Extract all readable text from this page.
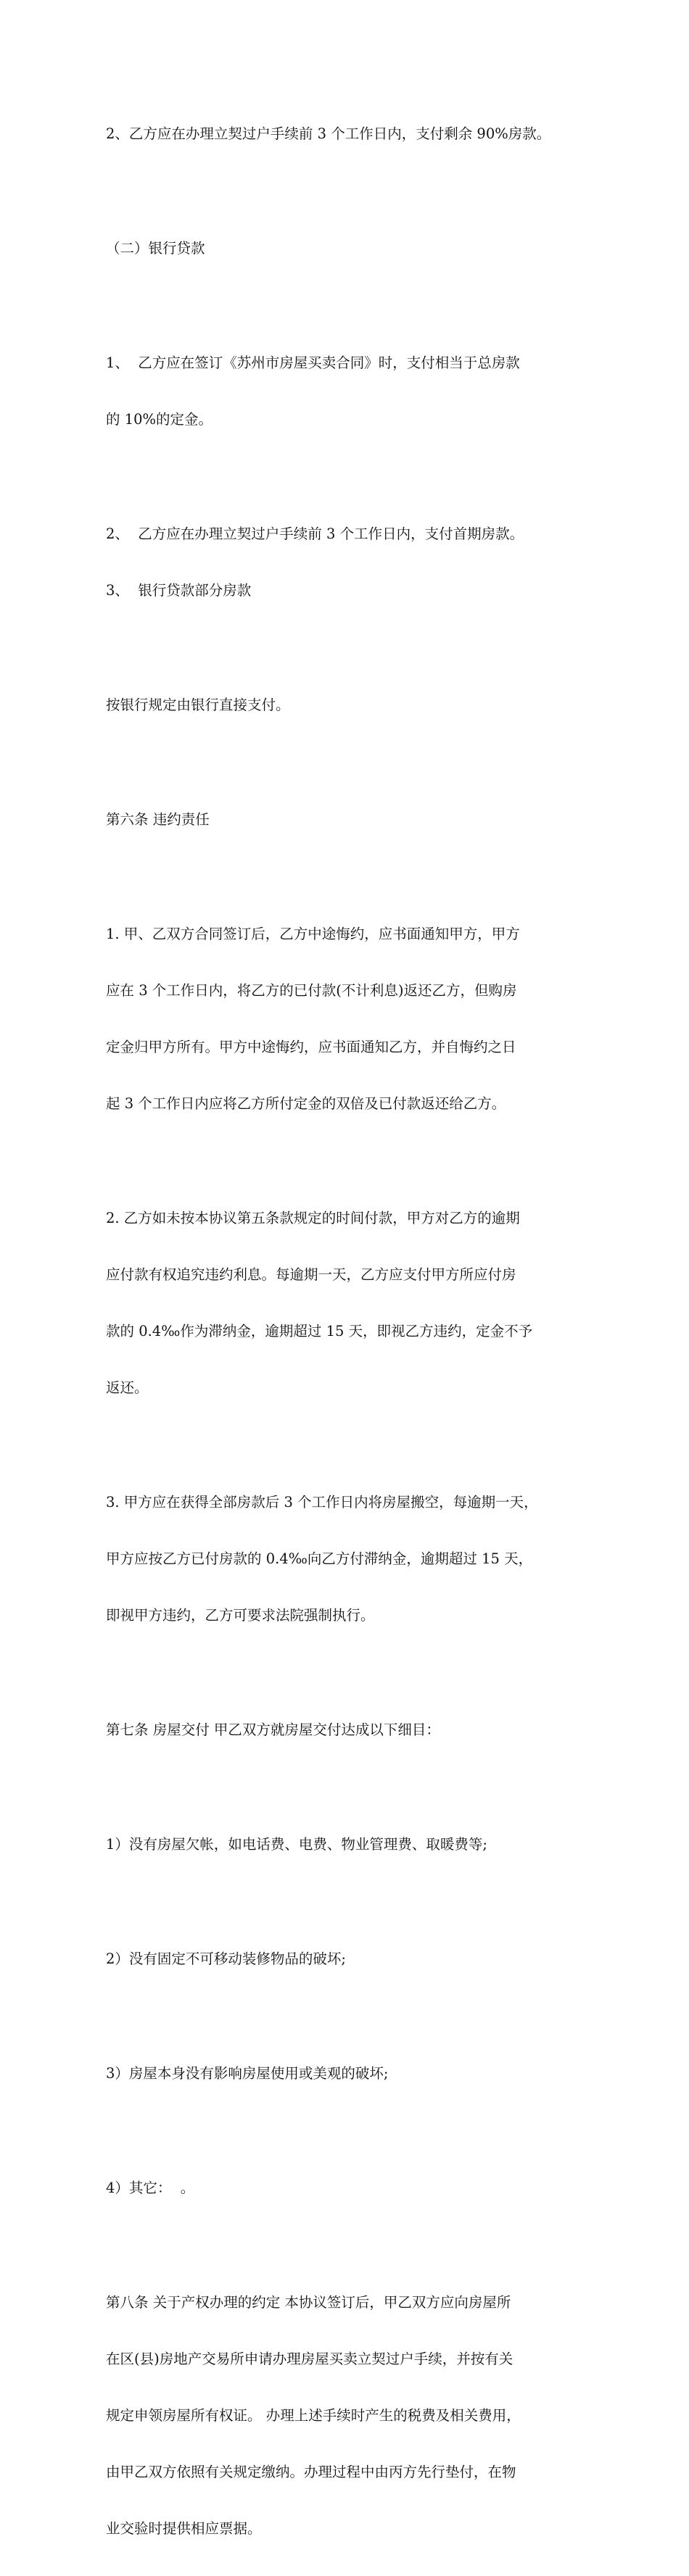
2、乙方应在办理立契过户手续前 3 个工作日内，支付剩余 90%房款。

（二）银行贷款

1、  乙方应在签订《苏州市房屋买卖合同》时，支付相当于总房款

的 10%的定金。

2、  乙方应在办理立契过户手续前 3 个工作日内，支付首期房款。

3、  银行贷款部分房款

按银行规定由银行直接支付。

第六条 违约责任

1. 甲、乙双方合同签订后，乙方中途悔约，应书面通知甲方，甲方

应在 3 个工作日内，将乙方的已付款(不计利息)返还乙方，但购房

定金归甲方所有。甲方中途悔约，应书面通知乙方，并自悔约之日

起 3 个工作日内应将乙方所付定金的双倍及已付款返还给乙方。

2. 乙方如未按本协议第五条款规定的时间付款，甲方对乙方的逾期

应付款有权追究违约利息。每逾期一天，乙方应支付甲方所应付房

款的 0.4‰作为滞纳金，逾期超过 15 天，即视乙方违约，定金不予

返还。

3. 甲方应在获得全部房款后 3 个工作日内将房屋搬空，每逾期一天，

甲方应按乙方已付房款的 0.4‰向乙方付滞纳金，逾期超过 15 天，

即视甲方违约，乙方可要求法院强制执行。

第七条 房屋交付 甲乙双方就房屋交付达成以下细目：

1）没有房屋欠帐，如电话费、电费、物业管理费、取暖费等;

2）没有固定不可移动装修物品的破坏;

3）房屋本身没有影响房屋使用或美观的破坏;

4）其它：  。

第八条 关于产权办理的约定 本协议签订后，甲乙双方应向房屋所

在区(县)房地产交易所申请办理房屋买卖立契过户手续，并按有关

规定申领房屋所有权证。 办理上述手续时产生的税费及相关费用，

由甲乙双方依照有关规定缴纳。办理过程中由丙方先行垫付，在物

业交验时提供相应票据。
